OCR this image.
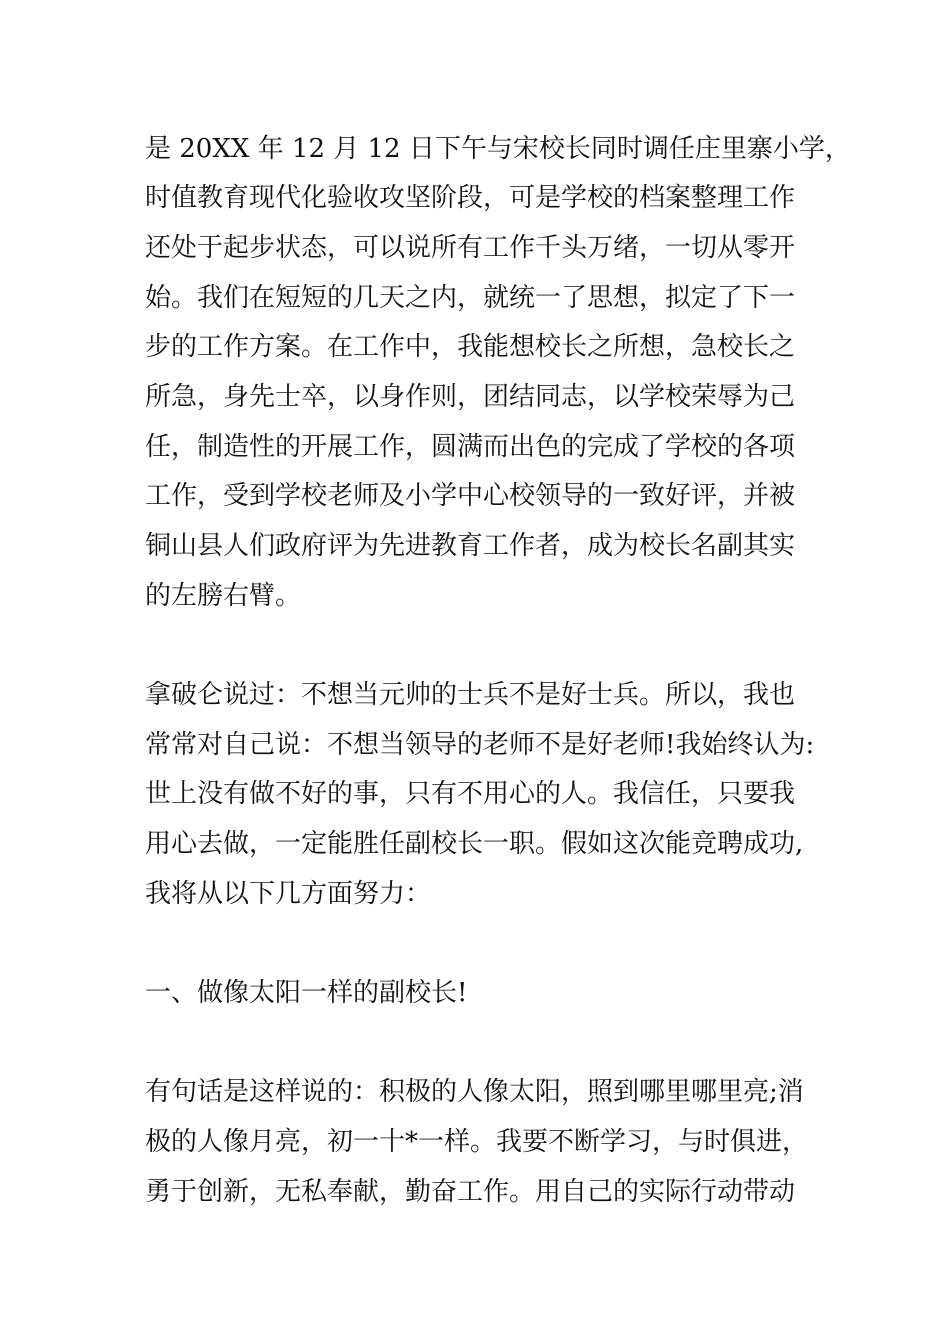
是 20XX 年 12 月 12 日下午与宋校长同时调任庄里寨小学，
时值教育现代化验收攻坚阶段，可是学校的档案整理工作
还处于起步状态，可以说所有工作千头万绪，一切从零开
始。我们在短短的几天之内，就统一了思想，拟定了下一
步的工作方案。在工作中，我能想校长之所想，急校长之
所急，身先士卒，以身作则，团结同志，以学校荣辱为己
任，制造性的开展工作，圆满而出色的完成了学校的各项
工作，受到学校老师及小学中心校领导的一致好评，并被
铜山县人们政府评为先进教育工作者，成为校长名副其实
的左膀右臂。
拿破仑说过：不想当元帅的士兵不是好士兵。所以，我也
常常对自己说：不想当领导的老师不是好老师!我始终认为:
世上没有做不好的事，只有不用心的人。我信任，只要我
用心去做，一定能胜任副校长一职。假如这次能竞聘成功,
我将从以下几方面努力：
一、做像太阳一样的副校长!
有句话是这样说的：积极的人像太阳，照到哪里哪里亮;消
极的人像月亮，初一十*一样。我要不断学习，与时俱进，
勇于创新，无私奉献，勤奋工作。用自己的实际行动带动
